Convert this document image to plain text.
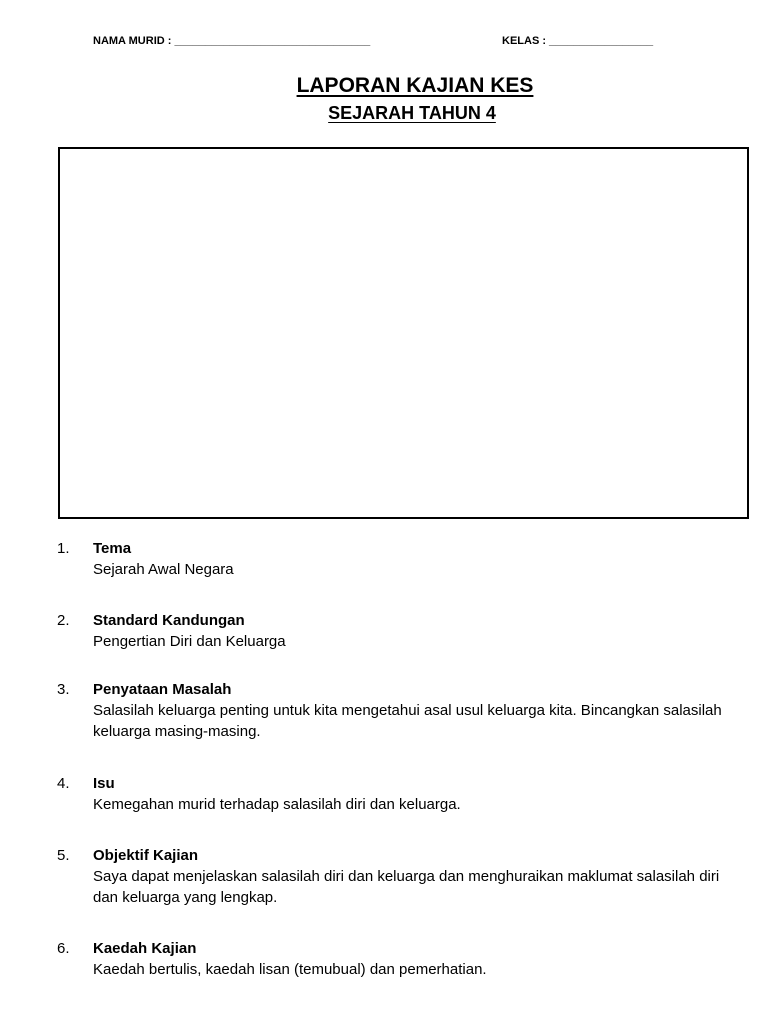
NAMA MURID : ________________________________	KELAS : _________________
LAPORAN KAJIAN KES
SEJARAH TAHUN 4
1. Tema
Sejarah Awal Negara
2. Standard Kandungan
Pengertian Diri dan Keluarga
3. Penyataan Masalah
Salasilah keluarga penting untuk kita mengetahui asal usul keluarga kita. Bincangkan salasilah keluarga masing-masing.
4. Isu
Kemegahan murid terhadap salasilah diri dan keluarga.
5. Objektif Kajian
Saya dapat menjelaskan salasilah diri dan keluarga dan menghuraikan maklumat salasilah diri dan keluarga yang lengkap.
6. Kaedah Kajian
Kaedah bertulis, kaedah lisan (temubual) dan pemerhatian.
